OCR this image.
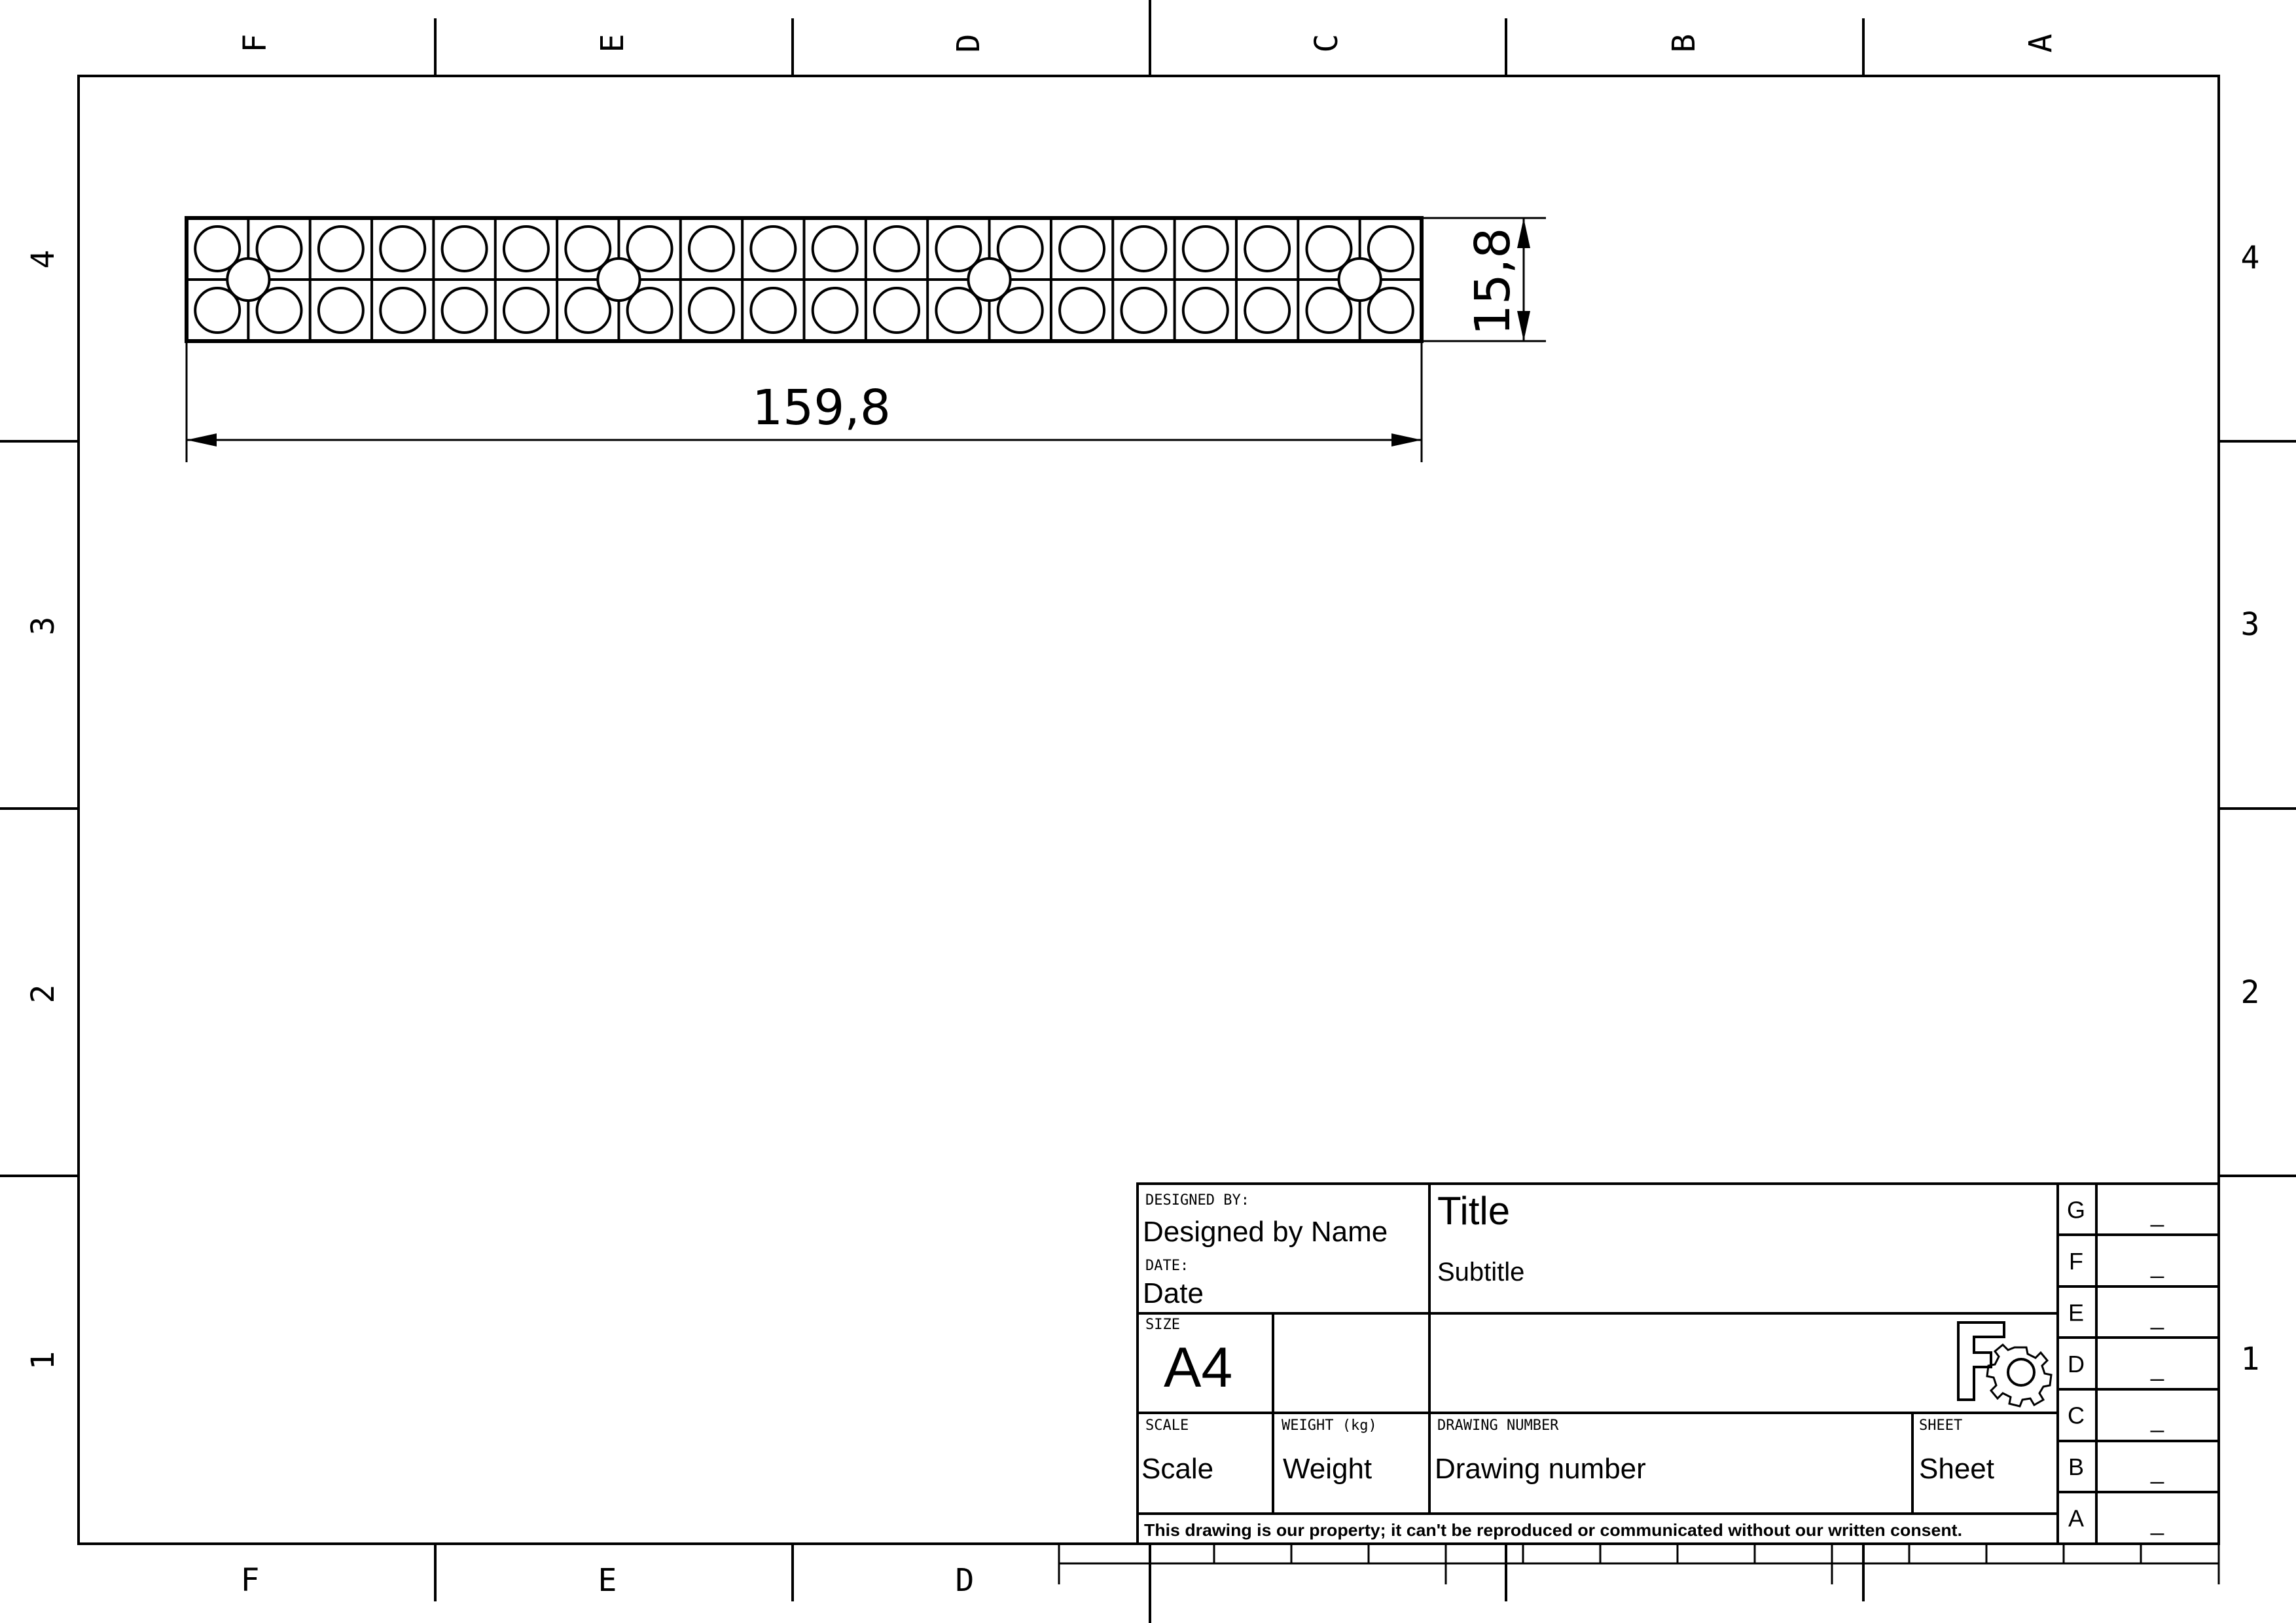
F	E	D	C	B	A
F	E	D
4
3
2
1
4
3
2
1
159,8
15,8
DESIGNED BY:
Designed by Name
DATE:
Date
Title
Subtitle
SIZE
A4
SCALE
Scale
WEIGHT (kg)
Weight
DRAWING NUMBER
Drawing number
SHEET
Sheet
This drawing is our property; it can't be reproduced or communicated without our written consent.
G	_
F	_
E	_
D	_
C	_
B	_
A	_
